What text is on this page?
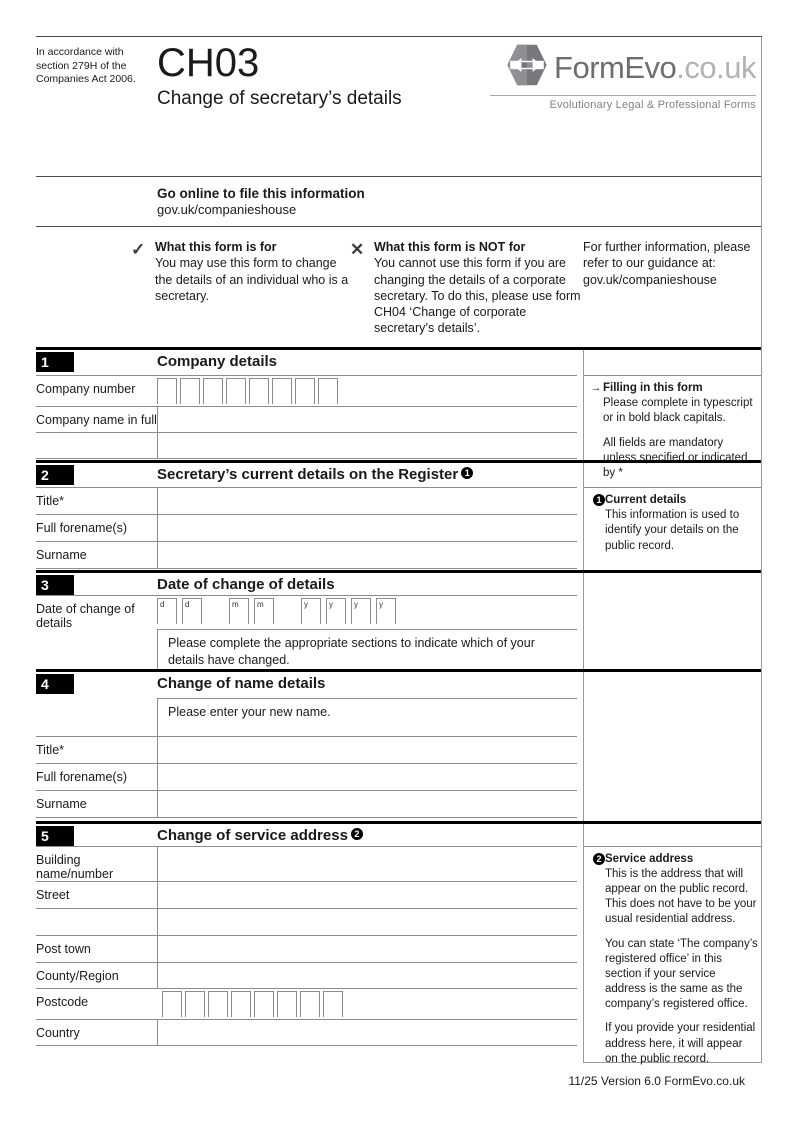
In accordance with section 279H of the Companies Act 2006. CH03
Change of secretary’s details
FormEvo.co.uk
Evolutionary Legal & Professional Forms
Go online to file this information
gov.uk/companieshouse
✓ What this form is for
You may use this form to change the details of an individual who is a secretary.
✕ What this form is NOT for
You cannot use this form if you are changing the details of a corporate secretary. To do this, please use form CH04 ‘Change of corporate secretary’s details’.
For further information, please refer to our guidance at:
gov.uk/companieshouse
1	Company details
Company number
Company name in full
→ Filling in this form

Please complete in typescript or in bold black capitals.

All fields are mandatory unless specified or indicated by *

2	Secretary’s current details on the Register 1
Title*
Full forename(s)
Surname
1 Current details

This information is used to identify your details on the public record.

3	Date of change of details
Date of change of details
d	d	m	m	y	y	y	y
Please complete the appropriate sections to indicate which of your details have changed.
4	Change of name details
Please enter your new name.
Title*
Full forename(s)
Surname
5	Change of service address 2
Building name/number
Street
Post town
County/Region
Postcode
Country
2 Service address

This is the address that will appear on the public record. This does not have to be your usual residential address.

You can state ‘The company’s registered office’ in this section if your service address is the same as the company’s registered office.

If you provide your residential address here, it will appear on the public record.

11/25 Version 6.0 FormEvo.co.uk
